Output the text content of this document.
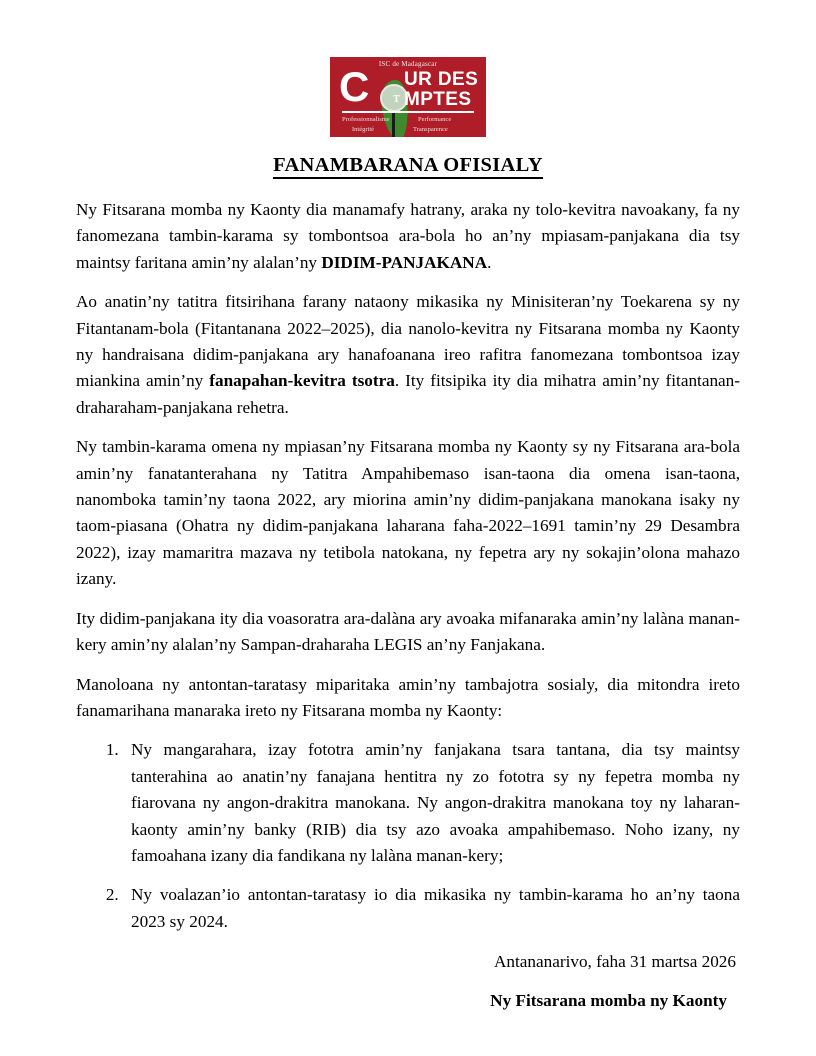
ISC de Madagascar
C T
UR DES
MPTES
Professionnalisme
Intégrité
Performance
Transparence
FANAMBARANA OFISIALY

Ny Fitsarana momba ny Kaonty dia manamafy hatrany, araka ny tolo-kevitra navoakany, fa ny fanomezana tambin-karama sy tombontsoa ara-bola ho an’ny mpiasam-panjakana dia tsy maintsy faritana amin’ny alalan’ny DIDIM-PANJAKANA.

Ao anatin’ny tatitra fitsirihana farany nataony mikasika ny Minisiteran’ny Toekarena sy ny Fitantanam-bola (Fitantanana 2022–2025), dia nanolo-kevitra ny Fitsarana momba ny Kaonty ny handraisana didim-panjakana ary hanafoanana ireo rafitra fanomezana tombontsoa izay miankina amin’ny fanapahan-kevitra tsotra. Ity fitsipika ity dia mihatra amin’ny fitantanan-draharaham-panjakana rehetra.

Ny tambin-karama omena ny mpiasan’ny Fitsarana momba ny Kaonty sy ny Fitsarana ara-bola amin’ny fanatanterahana ny Tatitra Ampahibemaso isan-taona dia omena isan-taona, nanomboka tamin’ny taona 2022, ary miorina amin’ny didim-panjakana manokana isaky ny taom-piasana (Ohatra ny didim-panjakana laharana faha-2022–1691 tamin’ny 29 Desambra 2022), izay mamaritra mazava ny tetibola natokana, ny fepetra ary ny sokajin’olona mahazo izany.

Ity didim-panjakana ity dia voasoratra ara-dalàna ary avoaka mifanaraka amin’ny lalàna manan-kery amin’ny alalan’ny Sampan-draharaha LEGIS an’ny Fanjakana.

Manoloana ny antontan-taratasy miparitaka amin’ny tambajotra sosialy, dia mitondra ireto fanamarihana manaraka ireto ny Fitsarana momba ny Kaonty:

1. Ny mangarahara, izay fototra amin’ny fanjakana tsara tantana, dia tsy maintsy tanterahina ao anatin’ny fanajana hentitra ny zo fototra sy ny fepetra momba ny fiarovana ny angon-drakitra manokana. Ny angon-drakitra manokana toy ny laharan-kaonty amin’ny banky (RIB) dia tsy azo avoaka ampahibemaso. Noho izany, ny famoahana izany dia fandikana ny lalàna manan-kery;
2. Ny voalazan’io antontan-taratasy io dia mikasika ny tambin-karama ho an’ny taona 2023 sy 2024.
Antananarivo, faha 31 martsa 2026
Ny Fitsarana momba ny Kaonty
